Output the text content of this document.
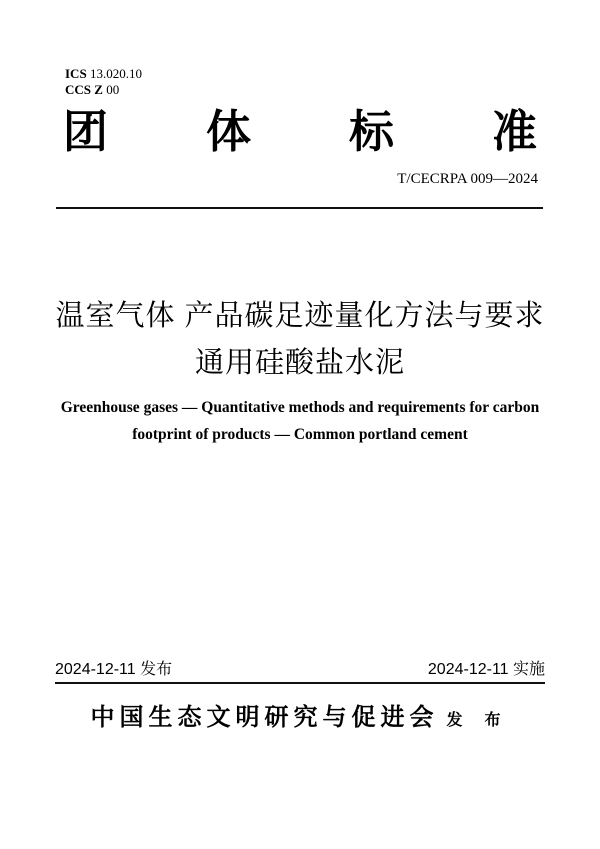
ICS 13.020.10
CCS Z 00
团 体 标 准
T/CECRPA 009—2024
温室气体 产品碳足迹量化方法与要求
通用硅酸盐水泥
Greenhouse gases — Quantitative methods and requirements for carbon
footprint of products — Common portland cement
2024-12-11 发布	2024-12-11 实施
中国生态文明研究与促进会 发 布
